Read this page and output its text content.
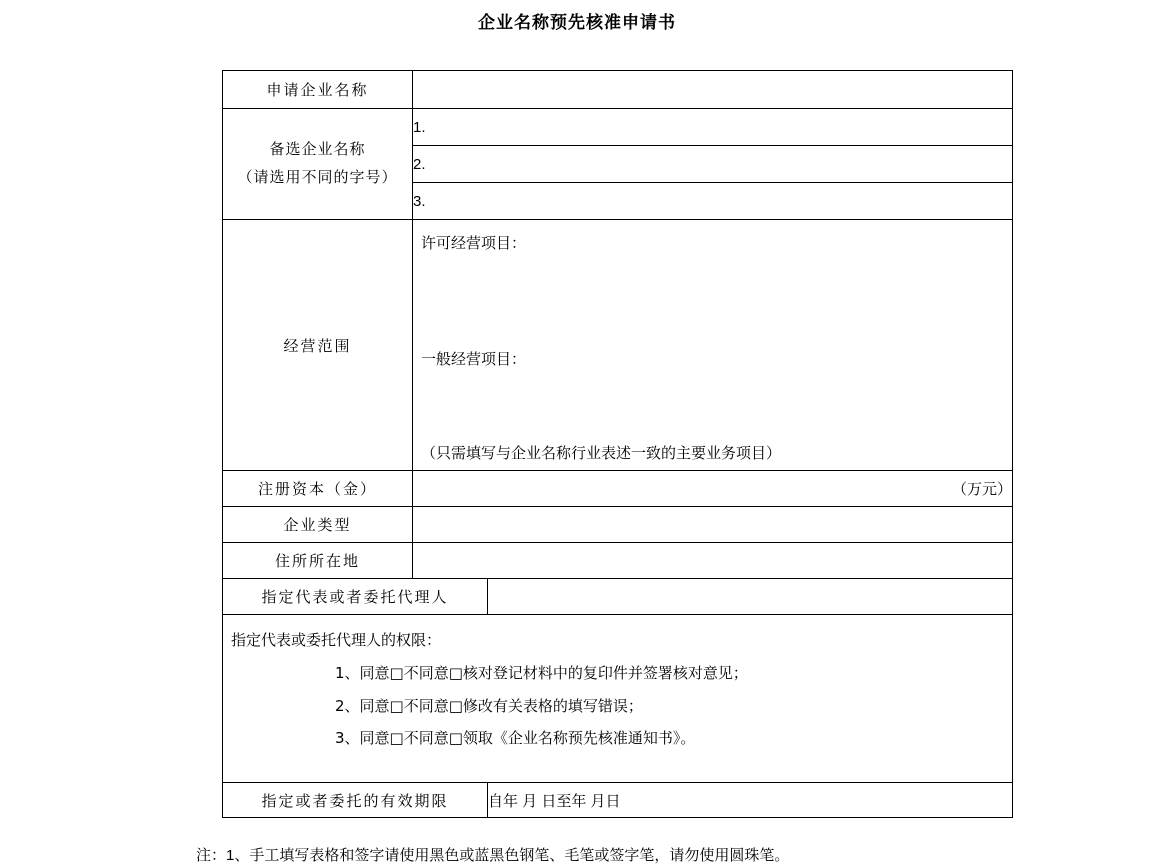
企业名称预先核准申请书
申请企业名称		

备选企业名称
（请选用不同的字号）	1.	
	2.	
	3.	

经营范围	许可经营项目：
一般经营项目：
（只需填写与企业名称行业表述一致的主要业务项目）	

注册资本（金）	（万元）	
企业类型		
住所所在地		
指定代表或者委托代理人		

指定代表或委托代理人的权限：
1、同意□不同意□核对登记材料中的复印件并签署核对意见；
2、同意□不同意□修改有关表格的填写错误；
3、同意□不同意□领取《企业名称预先核准通知书》。		

指定或者委托的有效期限		自年 月 日至年 月日
注：1、手工填写表格和签字请使用黑色或蓝黑色钢笔、毛笔或签字笔，请勿使用圆珠笔。
